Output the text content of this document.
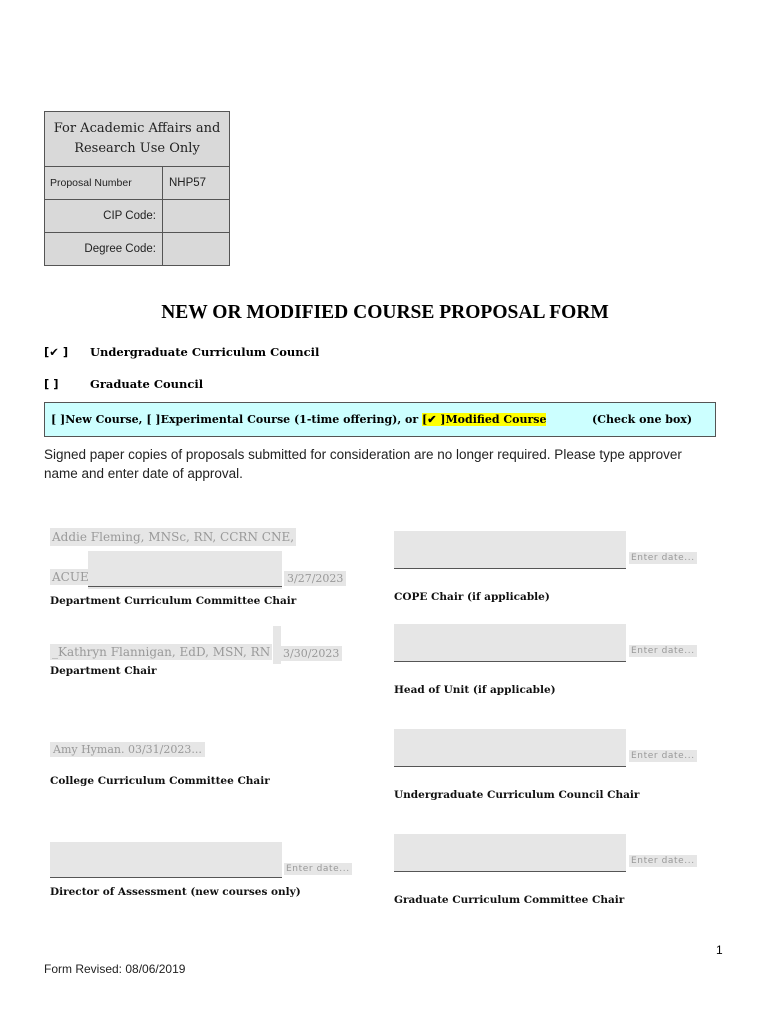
For Academic Affairs and Research Use Only	
Proposal Number	NHP57
CIP Code:	
Degree Code:	
NEW OR MODIFIED COURSE PROPOSAL FORM
[✔ ] Undergraduate Curriculum Council
[ ]	Graduate Council
[ ]New Course, [ ]Experimental Course (1-time offering), or [✔ ]Modified Course	(Check one box)
Signed paper copies of proposals submitted for consideration are no longer required. Please type approver name and enter date of approval.
Addie Fleming, MNSc, RN, CCRN CNE,
ACUE	3/27/2023
Department Curriculum Committee Chair
_Kathryn Flannigan, EdD, MSN, RN 3/30/2023
Department Chair
Amy Hyman. 03/31/2023...
College Curriculum Committee Chair
Enter date...
Director of Assessment (new courses only)
Enter date...
COPE Chair (if applicable)
Enter date...
Head of Unit (if applicable)
Enter date...
Undergraduate Curriculum Council Chair
Enter date...
Graduate Curriculum Committee Chair
1
Form Revised: 08/06/2019
